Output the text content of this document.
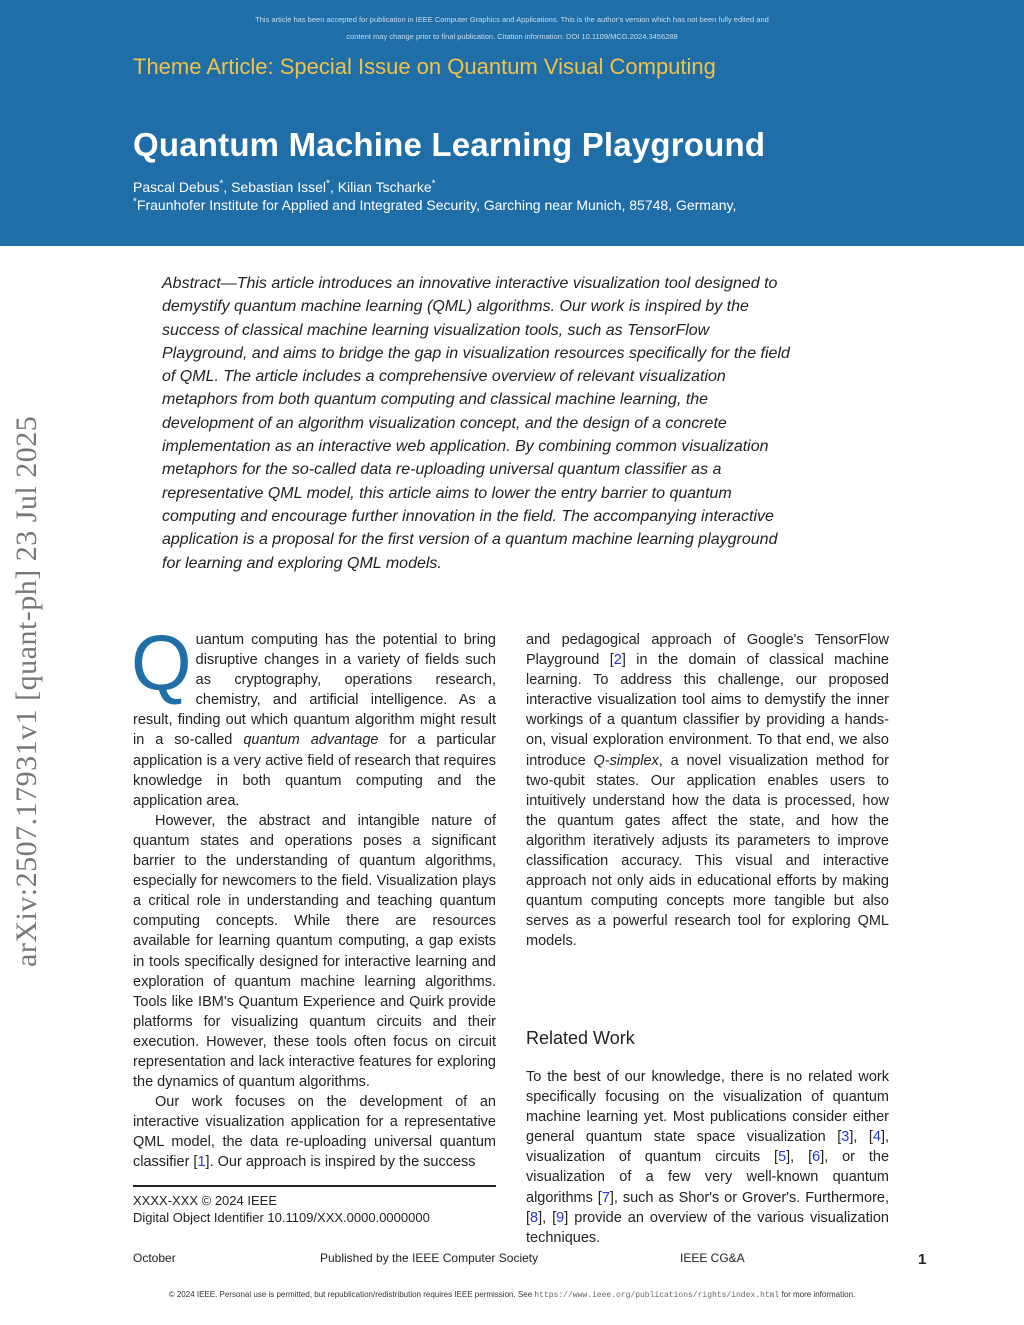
This article has been accepted for publication in IEEE Computer Graphics and Applications. This is the author's version which has not been fully edited and
content may change prior to final publication. Citation information: DOI 10.1109/MCG.2024.3456288
Theme Article: Special Issue on Quantum Visual Computing
Quantum Machine Learning Playground
Pascal Debus*, Sebastian Issel*, Kilian Tscharke*
*Fraunhofer Institute for Applied and Integrated Security, Garching near Munich, 85748, Germany,

Abstract—This article introduces an innovative interactive visualization tool designed to demystify quantum machine learning (QML) algorithms. Our work is inspired by the success of classical machine learning visualization tools, such as TensorFlow Playground, and aims to bridge the gap in visualization resources specifically for the field of QML. The article includes a comprehensive overview of relevant visualization metaphors from both quantum computing and classical machine learning, the development of an algorithm visualization concept, and the design of a concrete implementation as an interactive web application. By combining common visualization metaphors for the so-called data re-uploading universal quantum classifier as a representative QML model, this article aims to lower the entry barrier to quantum computing and encourage further innovation in the field. The accompanying interactive application is a proposal for the first version of a quantum machine learning playground for learning and exploring QML models.

arXiv:2507.17931v1 [quant-ph] 23 Jul 2025 Quantum computing has the potential to bring disruptive changes in a variety of fields such as cryptography, operations research, chemistry, and artificial intelligence. As a result, finding out which quantum algorithm might result in a so-called quantum advantage for a particular application is a very active field of research that requires knowledge in both quantum computing and the application area.

However, the abstract and intangible nature of quantum states and operations poses a significant barrier to the understanding of quantum algorithms, especially for newcomers to the field. Visualization plays a critical role in understanding and teaching quantum computing concepts. While there are resources available for learning quantum computing, a gap exists in tools specifically designed for interactive learning and exploration of quantum machine learning algorithms. Tools like IBM's Quantum Experience and Quirk provide platforms for visualizing quantum circuits and their execution. However, these tools often focus on circuit representation and lack interactive features for exploring the dynamics of quantum algorithms.

Our work focuses on the development of an interactive visualization application for a representative QML model, the data re-uploading universal quantum classifier [1]. Our approach is inspired by the success

and pedagogical approach of Google's TensorFlow Playground [2] in the domain of classical machine learning. To address this challenge, our proposed interactive visualization tool aims to demystify the inner workings of a quantum classifier by providing a hands-on, visual exploration environment. To that end, we also introduce Q-simplex, a novel visualization method for two-qubit states. Our application enables users to intuitively understand how the data is processed, how the quantum gates affect the state, and how the algorithm iteratively adjusts its parameters to improve classification accuracy. This visual and interactive approach not only aids in educational efforts by making quantum computing concepts more tangible but also serves as a powerful research tool for exploring QML models.

Related Work

To the best of our knowledge, there is no related work specifically focusing on the visualization of quantum machine learning yet. Most publications consider either general quantum state space visualization [3], [4], visualization of quantum circuits [5], [6], or the visualization of a few very well-known quantum algorithms [7], such as Shor's or Grover's. Furthermore, [8], [9] provide an overview of the various visualization techniques.

XXXX-XXX © 2024 IEEE
Digital Object Identifier 10.1109/XXX.0000.0000000
October	Published by the IEEE Computer Society	IEEE CG&A	1
© 2024 IEEE. Personal use is permitted, but republication/redistribution requires IEEE permission. See https://www.ieee.org/publications/rights/index.html for more information.
